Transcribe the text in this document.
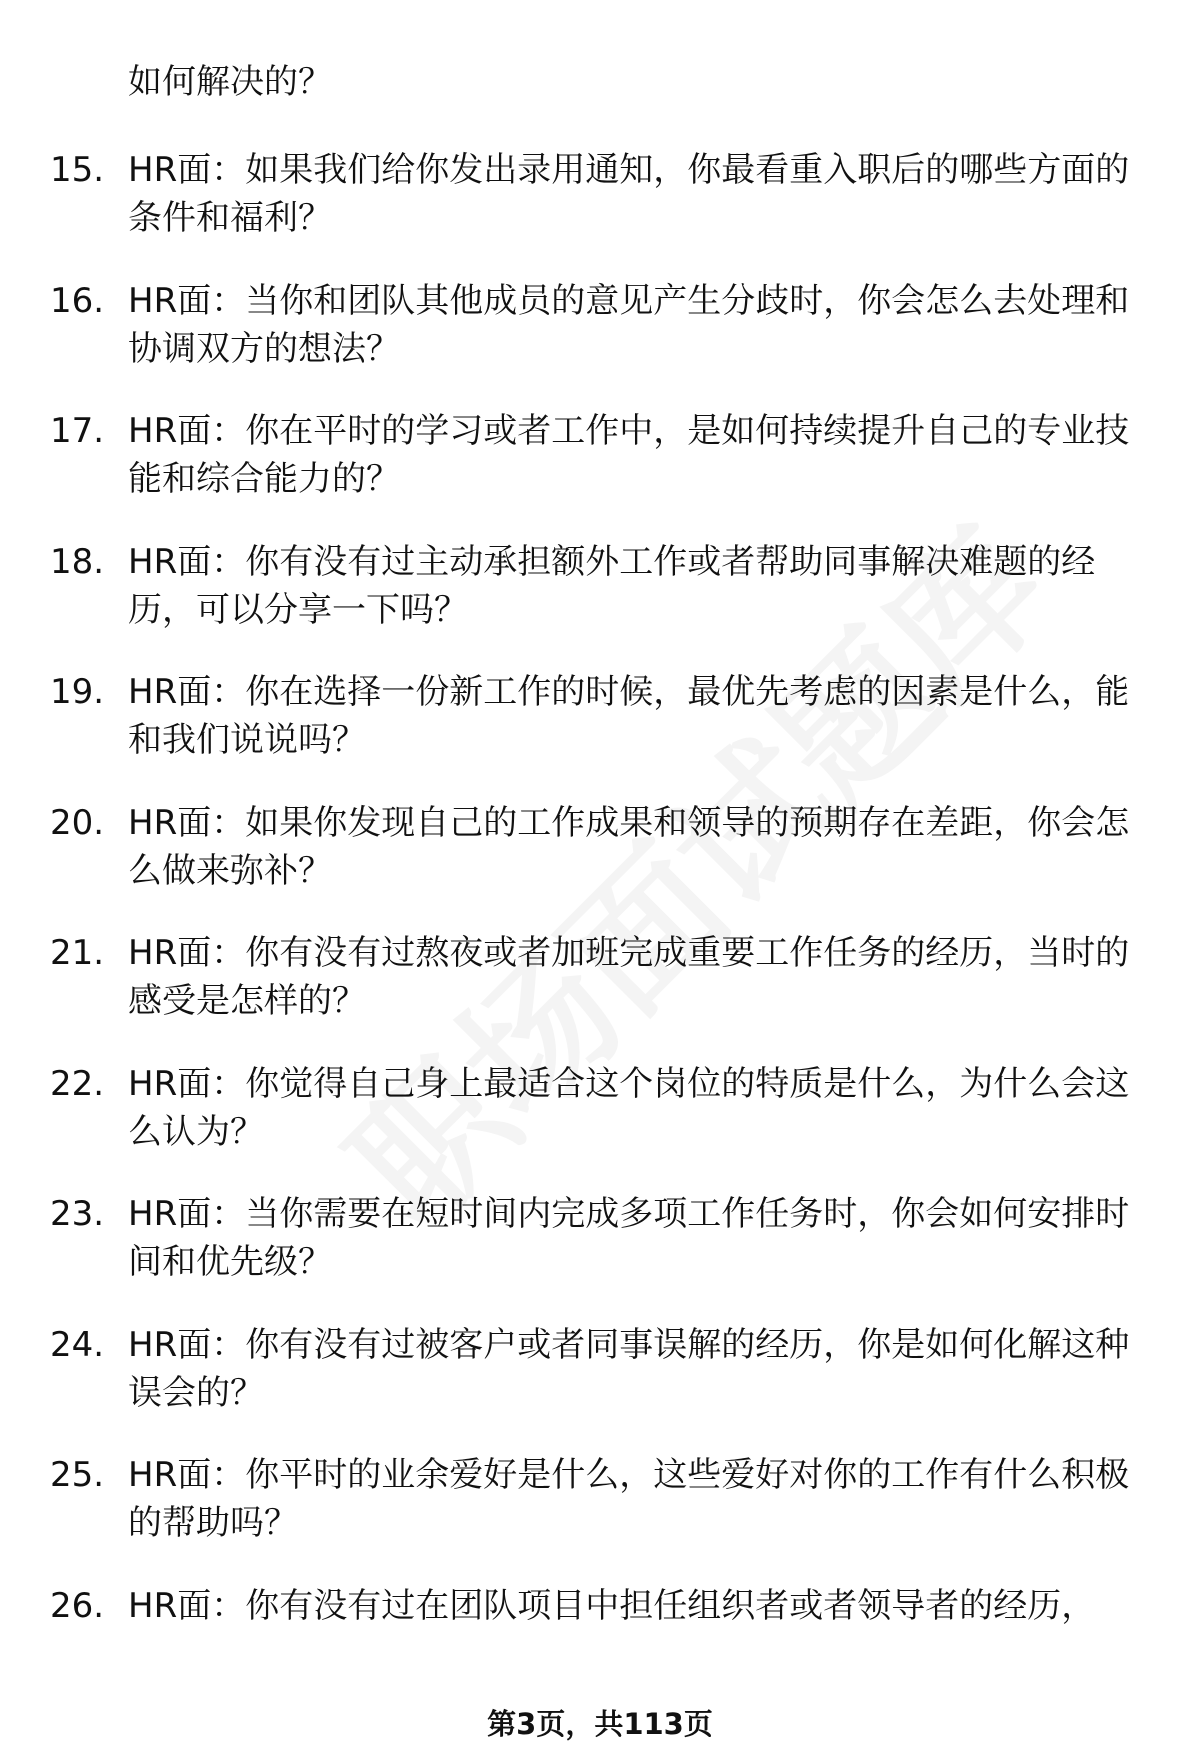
如何解决的？

15. HR面：如果我们给你发出录用通知，你最看重入职后的哪些方面的条件和福利？

16. HR面：当你和团队其他成员的意见产生分歧时，你会怎么去处理和协调双方的想法？

17. HR面：你在平时的学习或者工作中，是如何持续提升自己的专业技能和综合能力的？

18. HR面：你有没有过主动承担额外工作或者帮助同事解决难题的经历，可以分享一下吗？

19. HR面：你在选择一份新工作的时候，最优先考虑的因素是什么，能和我们说说吗？

20. HR面：如果你发现自己的工作成果和领导的预期存在差距，你会怎么做来弥补？

21. HR面：你有没有过熬夜或者加班完成重要工作任务的经历，当时的感受是怎样的？

22. HR面：你觉得自己身上最适合这个岗位的特质是什么，为什么会这么认为？

23. HR面：当你需要在短时间内完成多项工作任务时，你会如何安排时间和优先级？

24. HR面：你有没有过被客户或者同事误解的经历，你是如何化解这种误会的？

25. HR面：你平时的业余爱好是什么，这些爱好对你的工作有什么积极的帮助吗？

26. HR面：你有没有过在团队项目中担任组织者或者领导者的经历，

第3页，共113页
